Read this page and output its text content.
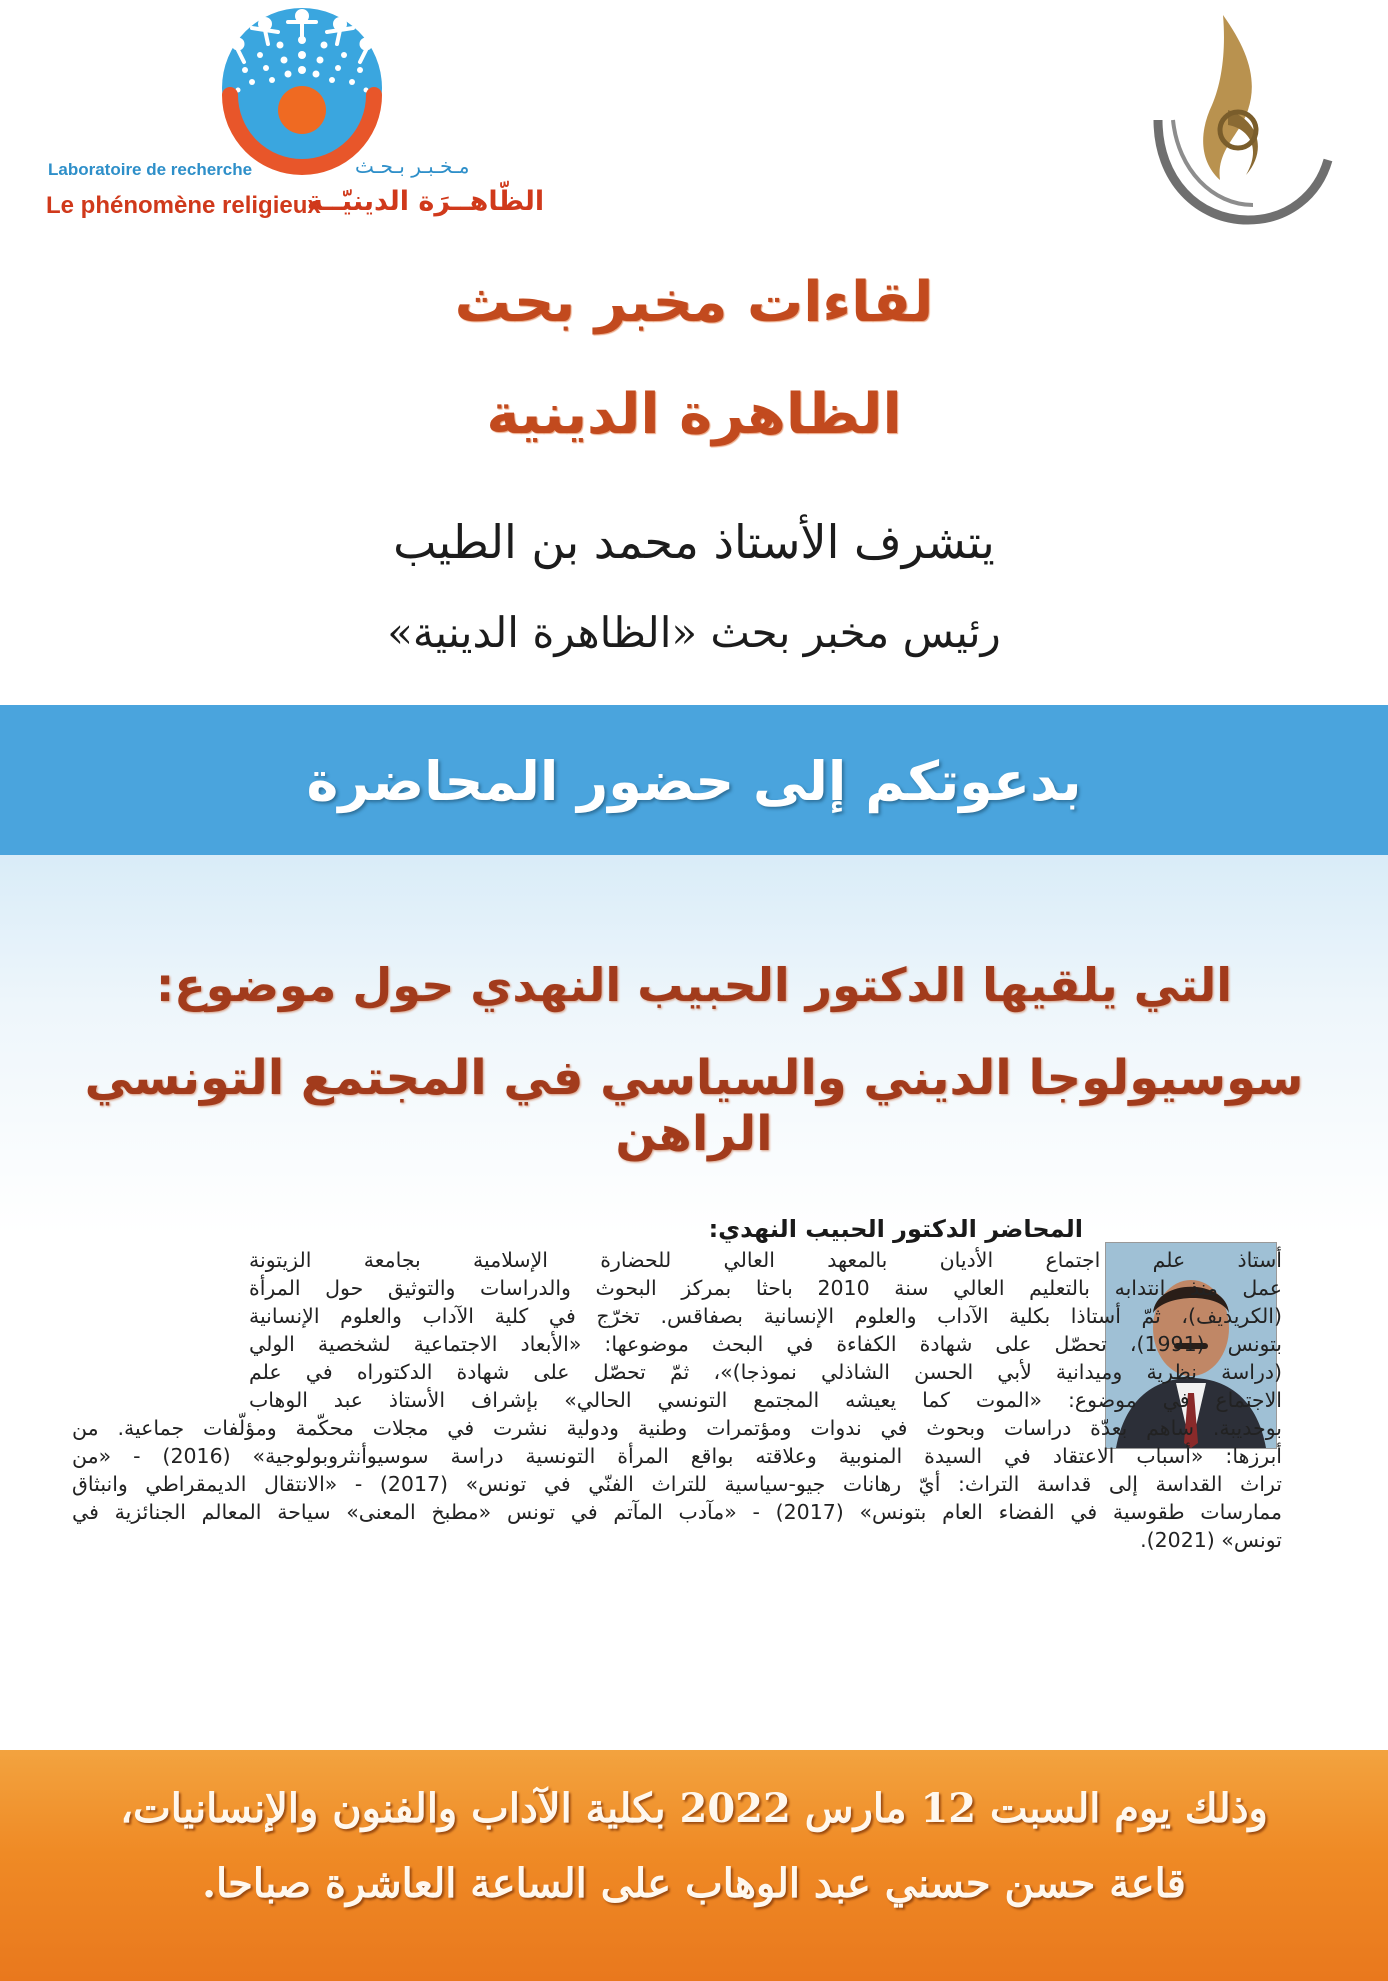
Laboratoire de recherche	مـخـبـر بـحـث
Le phénomène religieux
الظّاهــرَة الدينيّــة
لقاءات مخبر بحث
الظاهرة الدينية
يتشرف الأستاذ محمد بن الطيب
رئيس مخبر بحث «الظاهرة الدينية»
بدعوتكم إلى حضور المحاضرة
التي يلقيها الدكتور الحبيب النهدي حول موضوع:
سوسيولوجا الديني والسياسي في المجتمع التونسي الراهن
المحاضر الدكتور الحبيب النهدي:
أستاذ علم اجتماع الأديان بالمعهد العالي للحضارة الإسلامية بجامعة الزيتونة
عمل منذ انتدابه بالتعليم العالي سنة 2010 باحثا بمركز البحوث والدراسات والتوثيق حول المرأة
(الكريديف)، ثمّ أستاذا بكلية الآداب والعلوم الإنسانية بصفاقس. تخرّج في كلية الآداب والعلوم الإنسانية
بتونس (1991)، تحصّل على شهادة الكفاءة في البحث موضوعها: «الأبعاد الاجتماعية لشخصية الولي
(دراسة نظرية وميدانية لأبي الحسن الشاذلي نموذجا)»، ثمّ تحصّل على شهادة الدكتوراه في علم
الاجتماع في موضوع: «الموت كما يعيشه المجتمع التونسي الحالي» بإشراف الأستاذ عبد الوهاب
بوحديبة. ساهم بعدّة دراسات وبحوث في ندوات ومؤتمرات وطنية ودولية نشرت في مجلات محكّمة ومؤلّفات جماعية. من
أبرزها: «أسباب الاعتقاد في السيدة المنوبية وعلاقته بواقع المرأة التونسية دراسة سوسيوأنثروبولوجية» (2016) - «من
تراث القداسة إلى قداسة التراث: أيّ رهانات جيو-سياسية للتراث الفنّي في تونس» (2017) - «الانتقال الديمقراطي وانبثاق
ممارسات طقوسية في الفضاء العام بتونس» (2017) - «مآدب المآتم في تونس «مطبخ المعنى» سياحة المعالم الجنائزية في
تونس» (2021).
وذلك يوم السبت 12 مارس 2022 بكلية الآداب والفنون والإنسانيات،
قاعة حسن حسني عبد الوهاب على الساعة العاشرة صباحا.
